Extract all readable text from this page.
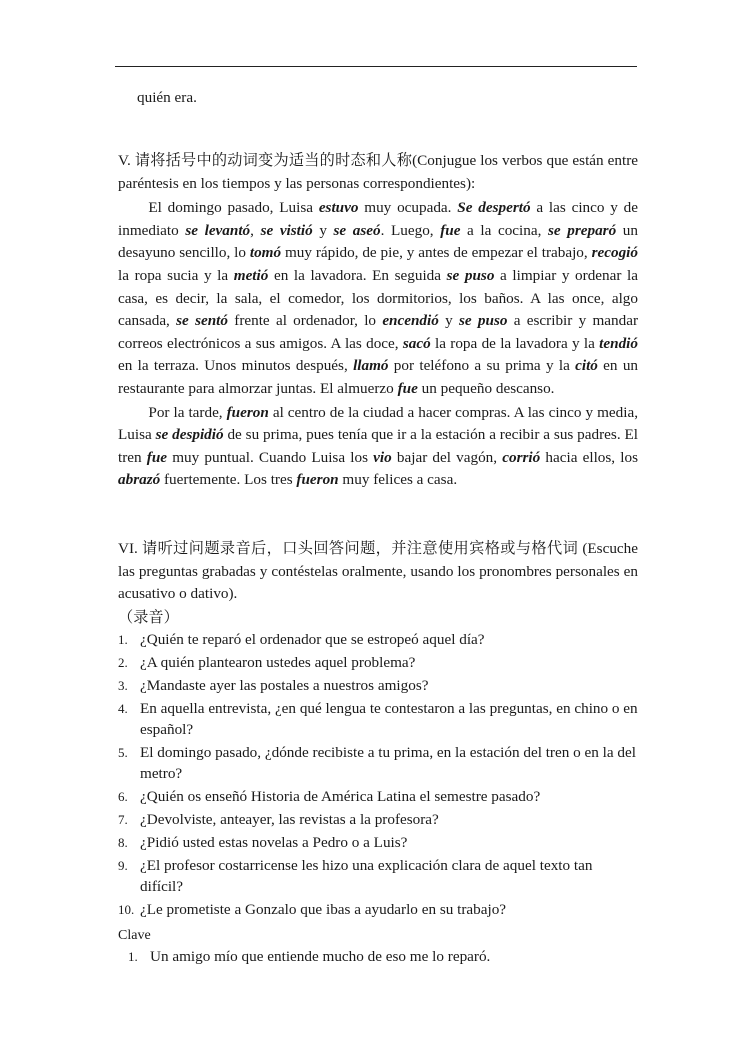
quién era.

V. 请将括号中的动词变为适当的时态和人称(Conjugue los verbos que están entre paréntesis en los tiempos y las personas correspondientes):

El domingo pasado, Luisa estuvo muy ocupada. Se despertó a las cinco y de inmediato se levantó, se vistió y se aseó. Luego, fue a la cocina, se preparó un desayuno sencillo, lo tomó muy rápido, de pie, y antes de empezar el trabajo, recogió la ropa sucia y la metió en la lavadora. En seguida se puso a limpiar y ordenar la casa, es decir, la sala, el comedor, los dormitorios, los baños. A las once, algo cansada, se sentó frente al ordenador, lo encendió y se puso a escribir y mandar correos electrónicos a sus amigos. A las doce, sacó la ropa de la lavadora y la tendió en la terraza. Unos minutos después, llamó por teléfono a su prima y la citó en un restaurante para almorzar juntas. El almuerzo fue un pequeño descanso.

Por la tarde, fueron al centro de la ciudad a hacer compras. A las cinco y media, Luisa se despidió de su prima, pues tenía que ir a la estación a recibir a sus padres. El tren fue muy puntual. Cuando Luisa los vio bajar del vagón, corrió hacia ellos, los abrazó fuertemente. Los tres fueron muy felices a casa.

VI. 请听过问题录音后，口头回答问题，并注意使用宾格或与格代词 (Escuche las preguntas grabadas y contéstelas oralmente, usando los pronombres personales en acusativo o dativo).

（录音）
1. ¿Quién te reparó el ordenador que se estropeó aquel día?
2. ¿A quién plantearon ustedes aquel problema?
3. ¿Mandaste ayer las postales a nuestros amigos?
4. En aquella entrevista, ¿en qué lengua te contestaron a las preguntas, en chino o en español?
5. El domingo pasado, ¿dónde recibiste a tu prima, en la estación del tren o en la del metro?
6. ¿Quién os enseñó Historia de América Latina el semestre pasado?
7. ¿Devolviste, anteayer, las revistas a la profesora?
8. ¿Pidió usted estas novelas a Pedro o a Luis?
9. ¿El profesor costarricense les hizo una explicación clara de aquel texto tan difícil?
10. ¿Le prometiste a Gonzalo que ibas a ayudarlo en su trabajo?
Clave
1. Un amigo mío que entiende mucho de eso me lo reparó.
